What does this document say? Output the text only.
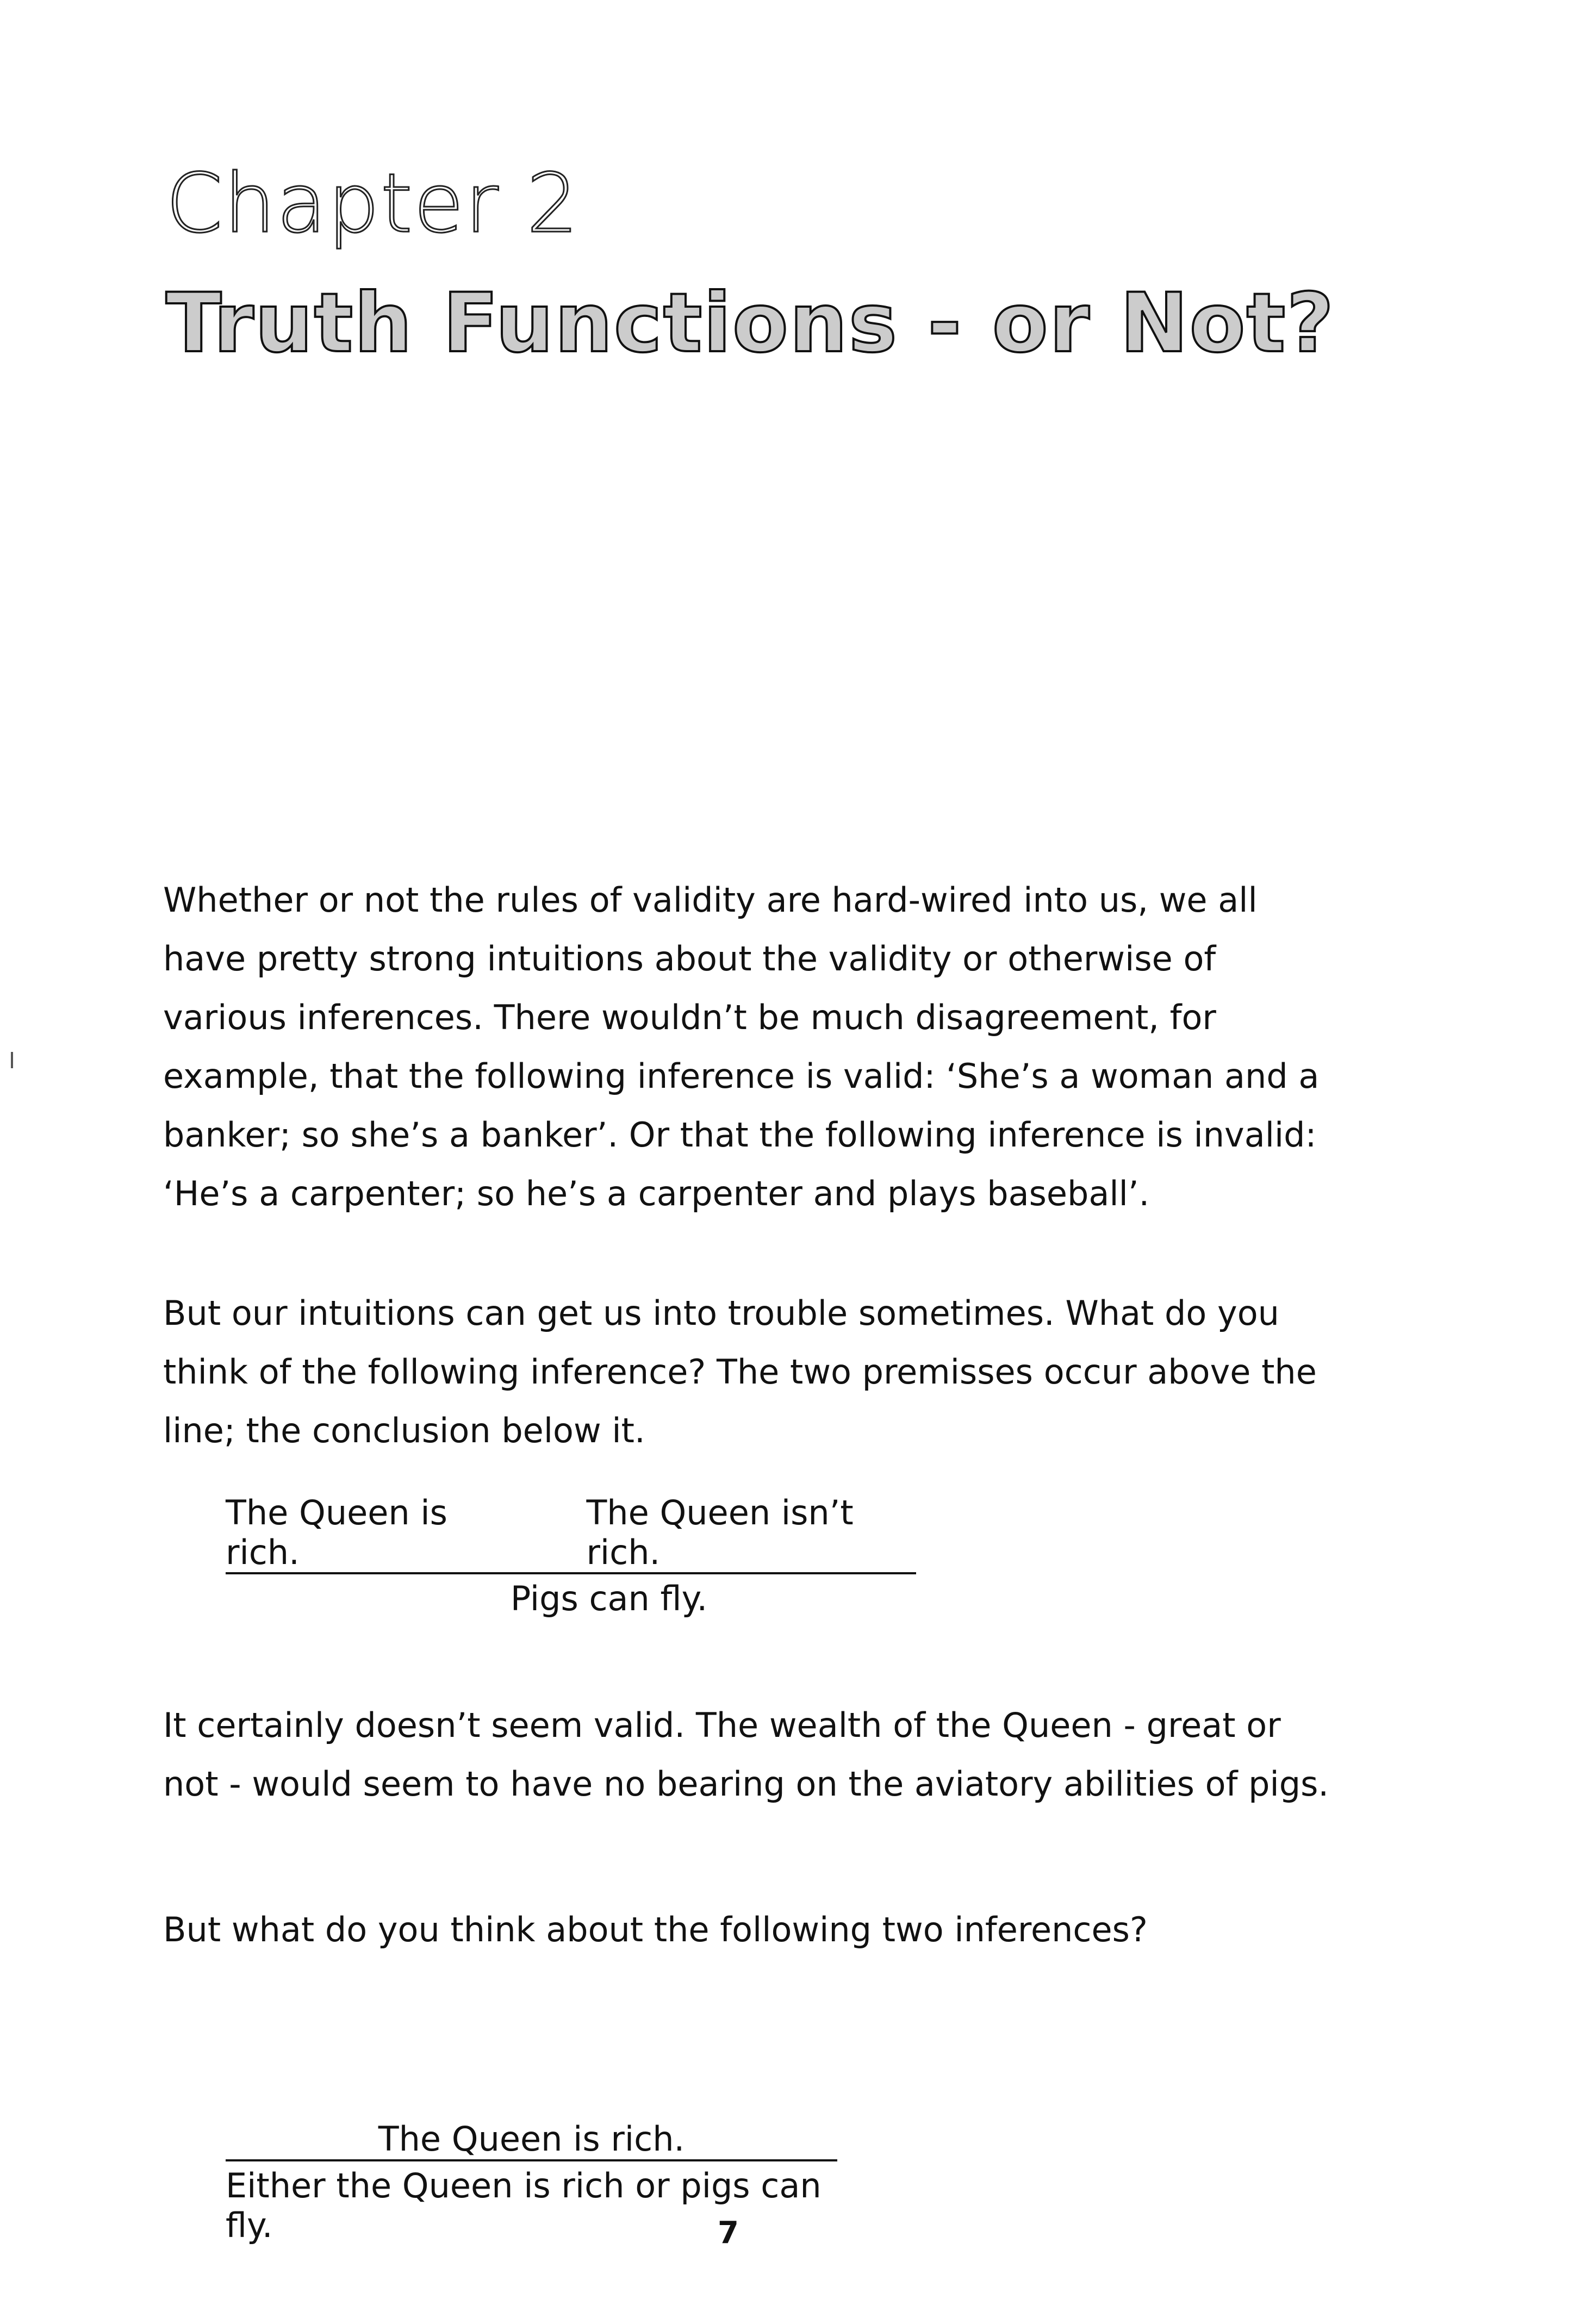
Chapter 2
Truth Functions - or Not?
Whether or not the rules of validity are hard-wired into us, we all have pretty strong intuitions about the validity or otherwise of various inferences. There wouldn’t be much disagreement, for example, that the following inference is valid: ‘She’s a woman and a banker; so she’s a banker’. Or that the following inference is invalid: ‘He’s a carpenter; so he’s a carpenter and plays baseball’.
But our intuitions can get us into trouble sometimes. What do you think of the following inference? The two premisses occur above the line; the conclusion below it.
The Queen is rich.
The Queen isn’t rich.
Pigs can fly.
It certainly doesn’t seem valid. The wealth of the Queen - great or not - would seem to have no bearing on the aviatory abilities of pigs.
But what do you think about the following two inferences?
The Queen is rich.
Either the Queen is rich or pigs can fly.	7
